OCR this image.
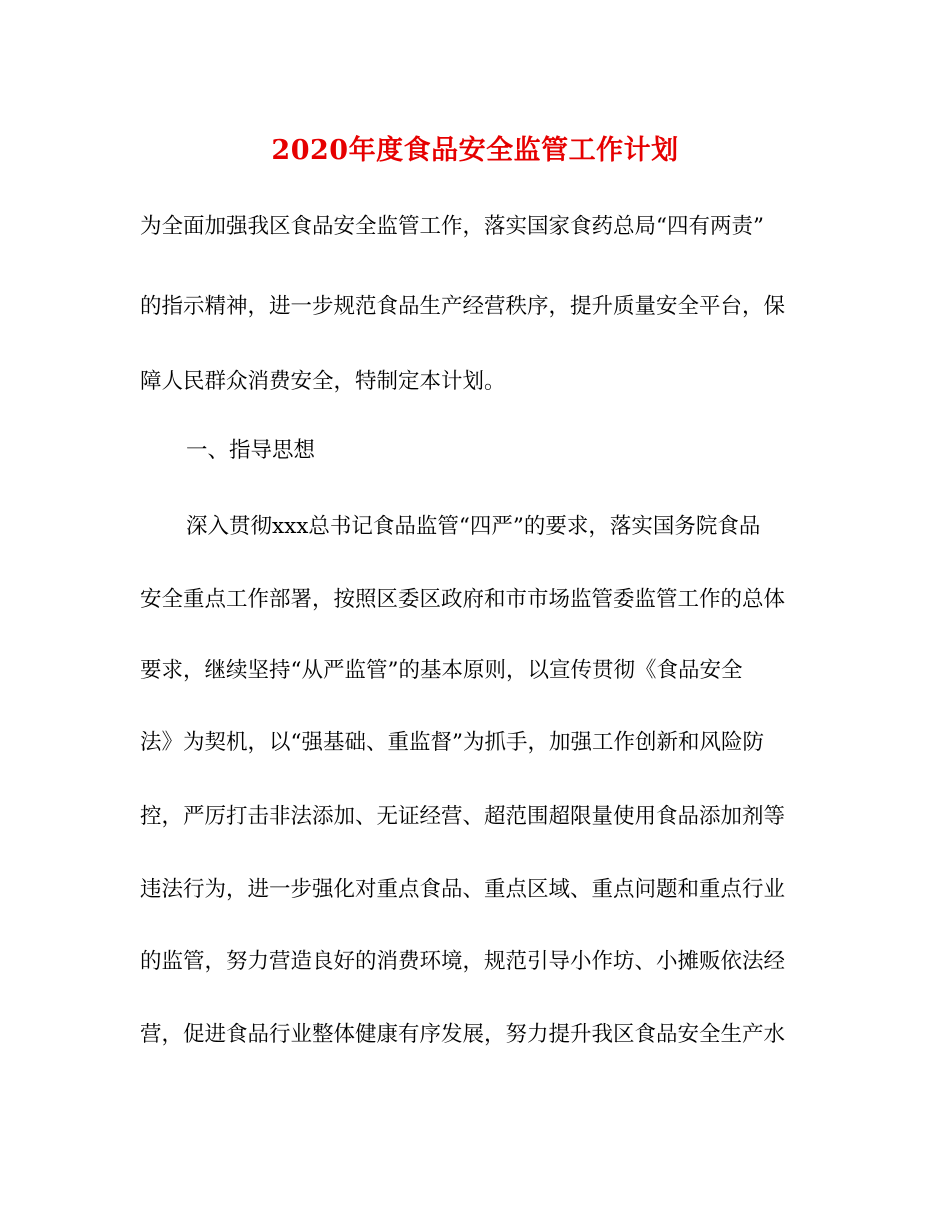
2020年度食品安全监管工作计划
为全面加强我区食品安全监管工作，落实国家食药总局“四有两责”
的指示精神，进一步规范食品生产经营秩序，提升质量安全平台，保
障人民群众消费安全，特制定本计划。
一、指导思想
深入贯彻xxx总书记食品监管“四严”的要求，落实国务院食品
安全重点工作部署，按照区委区政府和市市场监管委监管工作的总体
要求，继续坚持“从严监管”的基本原则，以宣传贯彻《食品安全
法》为契机，以“强基础、重监督”为抓手，加强工作创新和风险防
控，严厉打击非法添加、无证经营、超范围超限量使用食品添加剂等
违法行为，进一步强化对重点食品、重点区域、重点问题和重点行业
的监管，努力营造良好的消费环境，规范引导小作坊、小摊贩依法经
营，促进食品行业整体健康有序发展，努力提升我区食品安全生产水
